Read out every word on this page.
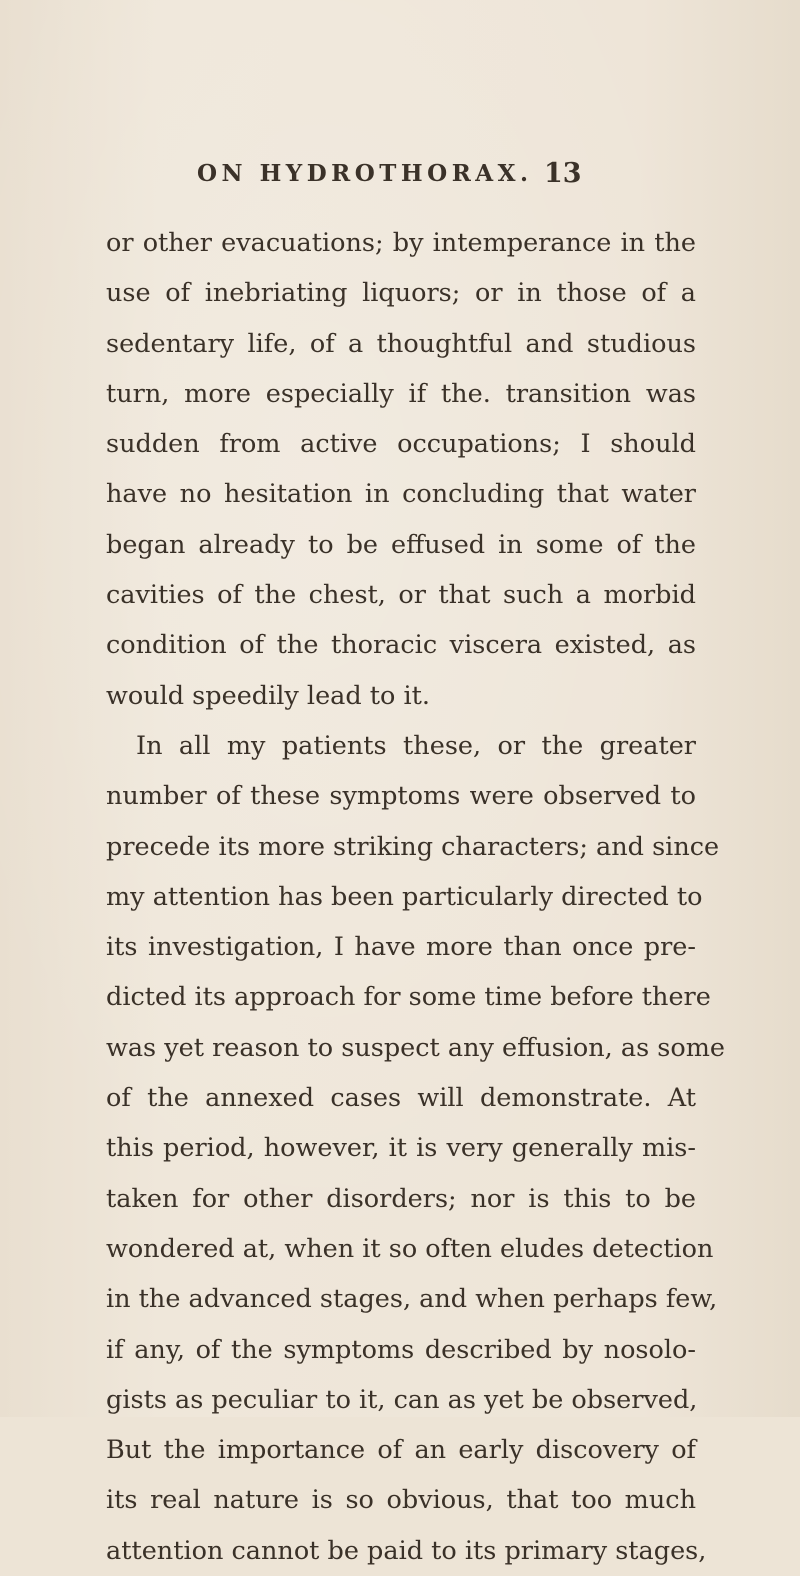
ON HYDROTHORAX. 13
or other evacuations; by intemperance in the
use of inebriating liquors; or in those of a
sedentary life, of a thoughtful and studious
turn, more especially if the. transition was
sudden from active occupations; I should
have no hesitation in concluding that water
began already to be effused in some of the
cavities of the chest, or that such a morbid
condition of the thoracic viscera existed, as
would speedily lead to it.
In all my patients these, or the greater
number of these symptoms were observed to
precede its more striking characters; and since
my attention has been particularly directed to
its investigation, I have more than once pre-
dicted its approach for some time before there
was yet reason to suspect any effusion, as some
of the annexed cases will demonstrate. At
this period, however, it is very generally mis-
taken for other disorders; nor is this to be
wondered at, when it so often eludes detection
in the advanced stages, and when perhaps few,
if any, of the symptoms described by nosolo-
gists as peculiar to it, can as yet be observed,
But the importance of an early discovery of
its real nature is so obvious, that too much
attention cannot be paid to its primary stages,
